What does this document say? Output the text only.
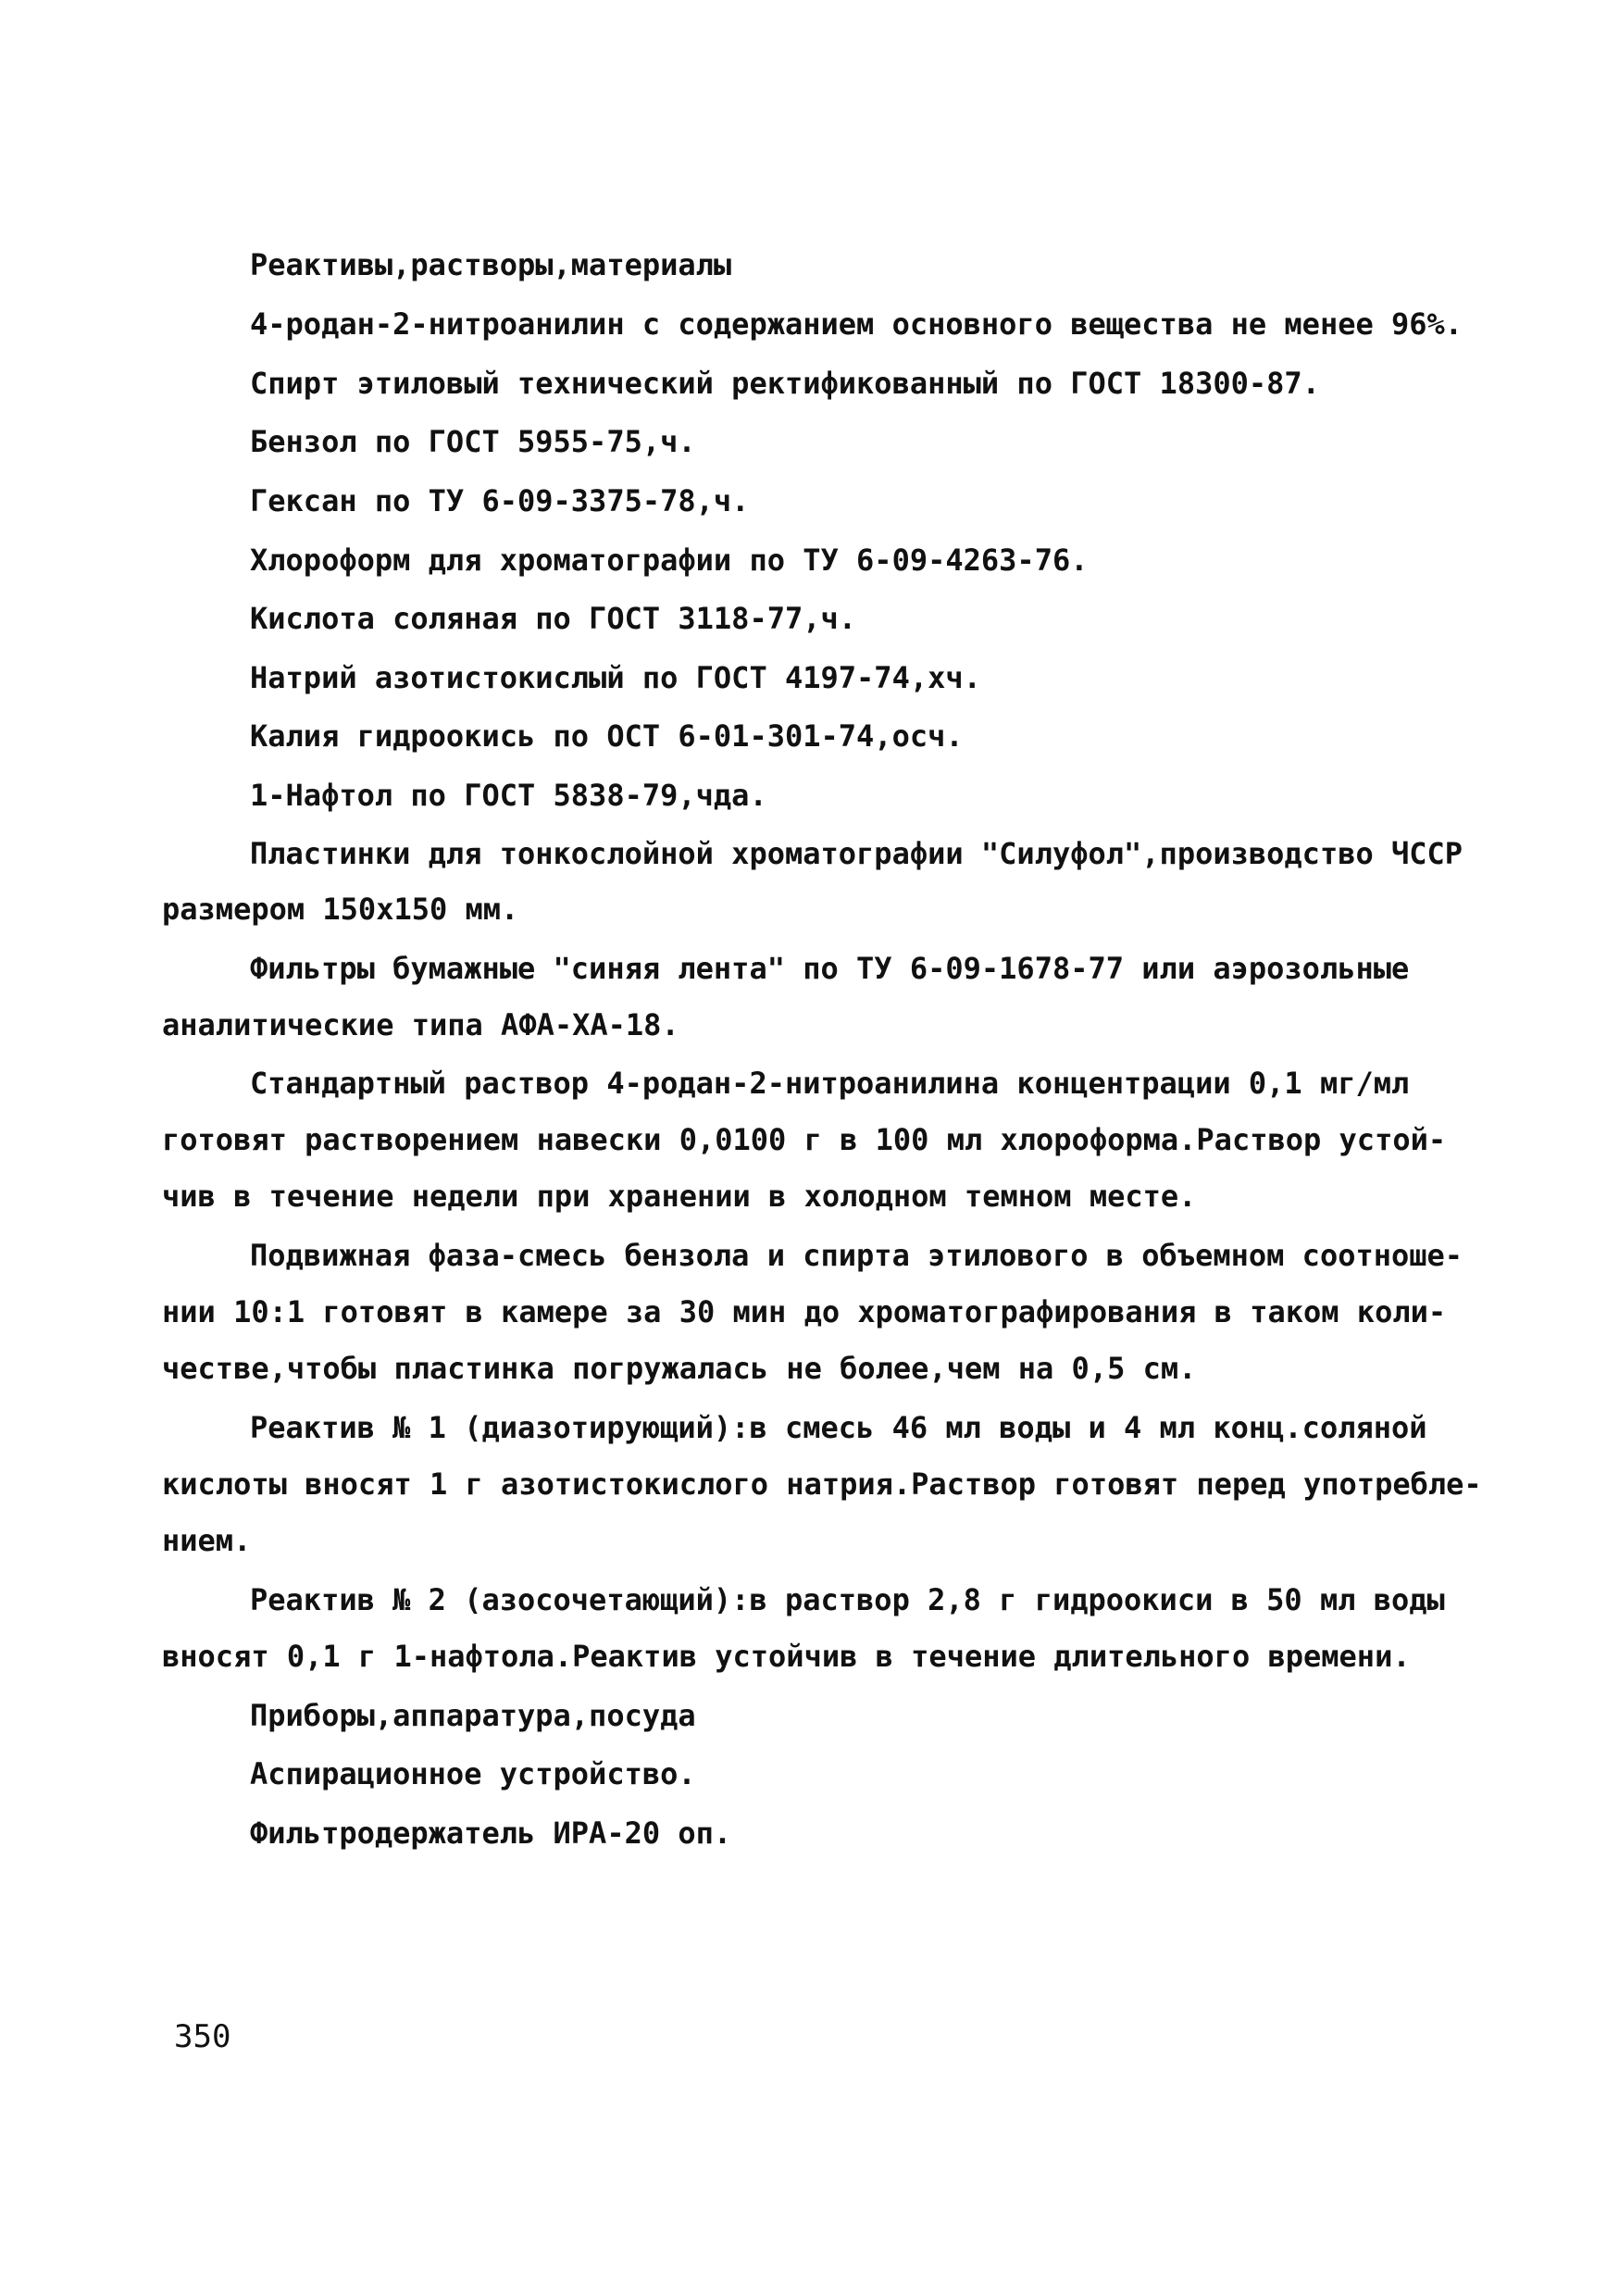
Реактивы,растворы,материалы
4-родан-2-нитроанилин с содержанием основного вещества не менее 96%.
Спирт этиловый технический ректификованный по ГОСТ 18300-87.
Бензол по ГОСТ 5955-75,ч.
Гексан по ТУ 6-09-3375-78,ч.
Хлороформ для хроматографии по ТУ 6-09-4263-76.
Кислота соляная по ГОСТ 3118-77,ч.
Натрий азотистокислый по ГОСТ 4197-74,хч.
Калия гидроокись по ОСТ 6-01-301-74,осч.
1-Нафтол по ГОСТ 5838-79,чда.
Пластинки для тонкослойной хроматографии "Силуфол",производство ЧССР
размером 150x150 мм.
Фильтры бумажные "синяя лента" по ТУ 6-09-1678-77 или аэрозольные
аналитические типа АФА-ХА-18.
Стандартный раствор 4-родан-2-нитроанилина концентрации 0,1 мг/мл
готовят растворением навески 0,0100 г в 100 мл хлороформа.Раствор устой-
чив в течение недели при хранении в холодном темном месте.
Подвижная фаза-смесь бензола и спирта этилового в объемном соотноше-
нии 10:1 готовят в камере за 30 мин до хроматографирования в таком коли-
честве,чтобы пластинка погружалась не более,чем на 0,5 см.
Реактив № 1 (диазотирующий):в смесь 46 мл воды и 4 мл конц.соляной
кислоты вносят 1 г азотистокислого натрия.Раствор готовят перед употребле-
нием.
Реактив № 2 (азосочетающий):в раствор 2,8 г гидроокиси в 50 мл воды
вносят 0,1 г 1-нафтола.Реактив устойчив в течение длительного времени.
Приборы,аппаратура,посуда
Аспирационное устройство.
Фильтродержатель ИРА-20 оп.
350
